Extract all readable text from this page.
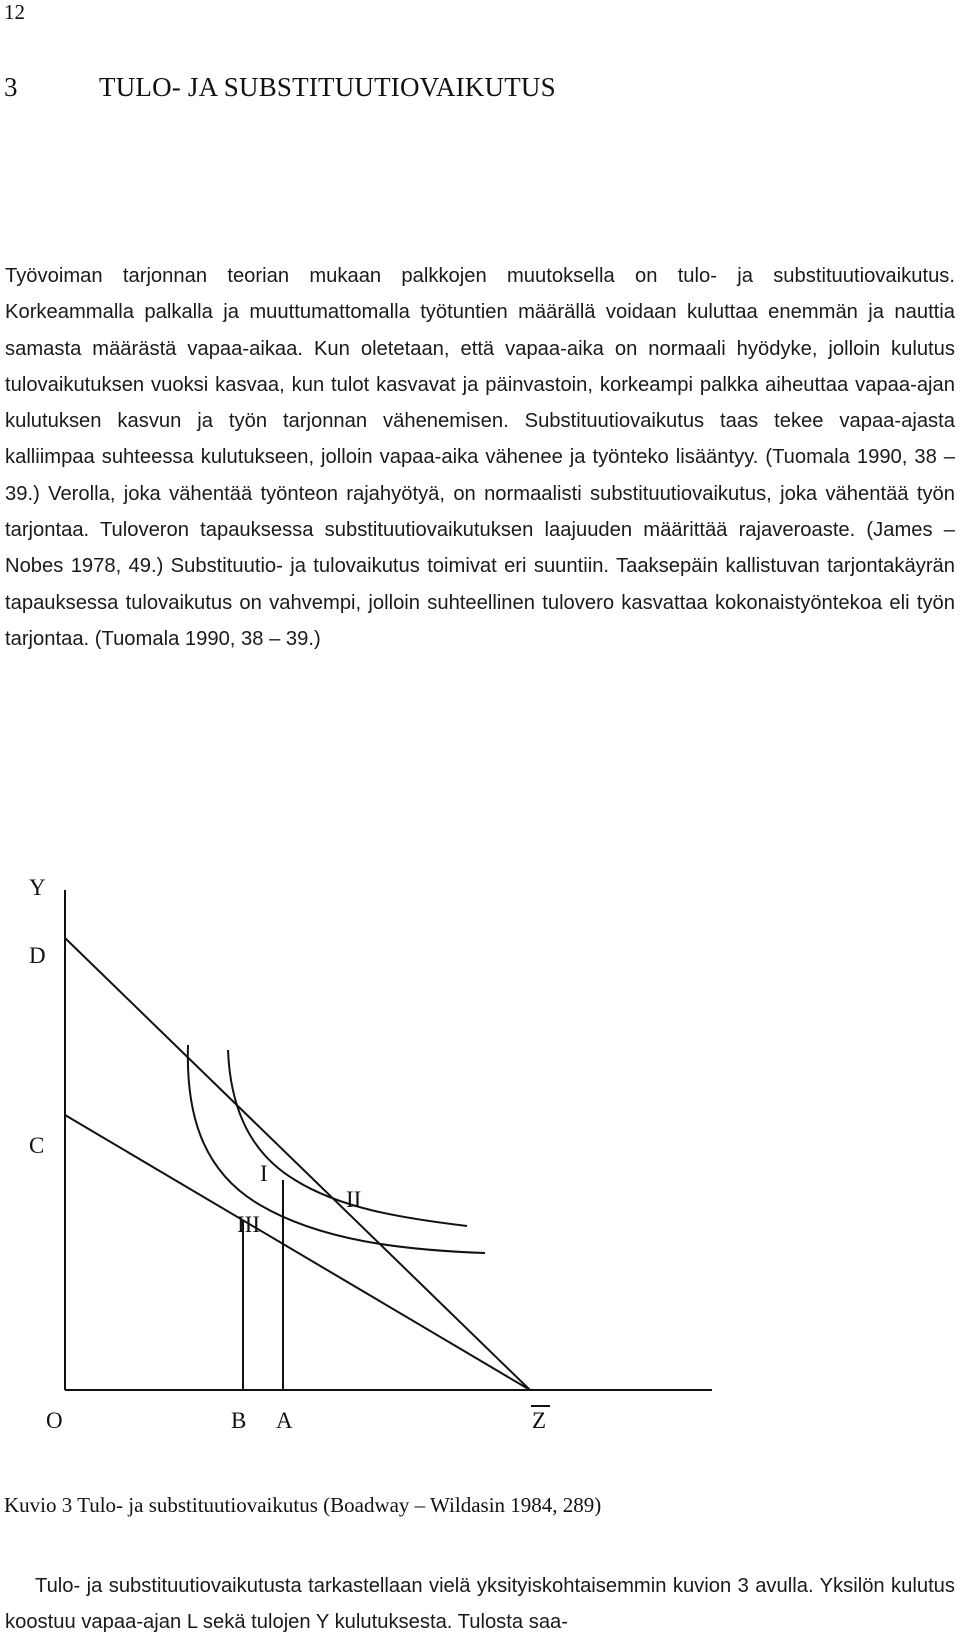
12
3	TULO- JA SUBSTITUUTIOVAIKUTUS

Työvoiman tarjonnan teorian mukaan palkkojen muutoksella on tulo- ja substituutiovaikutus. Korkeammalla palkalla ja muuttumattomalla työtuntien määrällä voidaan kuluttaa enemmän ja nauttia samasta määrästä vapaa-aikaa. Kun oletetaan, että vapaa-aika on normaali hyödyke, jolloin kulutus tulovaikutuksen vuoksi kasvaa, kun tulot kasvavat ja päinvastoin, korkeampi palkka aiheuttaa vapaa-ajan kulutuksen kasvun ja työn tarjonnan vähenemisen. Substituutiovaikutus taas tekee vapaa-ajasta kalliimpaa suhteessa kulutukseen, jolloin vapaa-aika vähenee ja työnteko lisääntyy. (Tuomala 1990, 38 – 39.) Verolla, joka vähentää työnteon rajahyötyä, on normaalisti substituutiovaikutus, joka vähentää työn tarjontaa. Tuloveron tapauksessa substituutiovaikutuksen laajuuden määrittää rajaveroaste. (James – Nobes 1978, 49.) Substituutio- ja tulovaikutus toimivat eri suuntiin. Taaksepäin kallistuvan tarjontakäyrän tapauksessa tulovaikutus on vahvempi, jolloin suhteellinen tulovero kasvattaa kokonaistyöntekoa eli työn tarjontaa. (Tuomala 1990, 38 – 39.)

Y
D
C
I
II
III
O	B A	Z

Kuvio 3 Tulo- ja substituutiovaikutus (Boadway – Wildasin 1984, 289)

Tulo- ja substituutiovaikutusta tarkastellaan vielä yksityiskohtaisemmin kuvion 3 avulla. Yksilön kulutus koostuu vapaa-ajan L sekä tulojen Y kulutuksesta. Tulosta saa-
